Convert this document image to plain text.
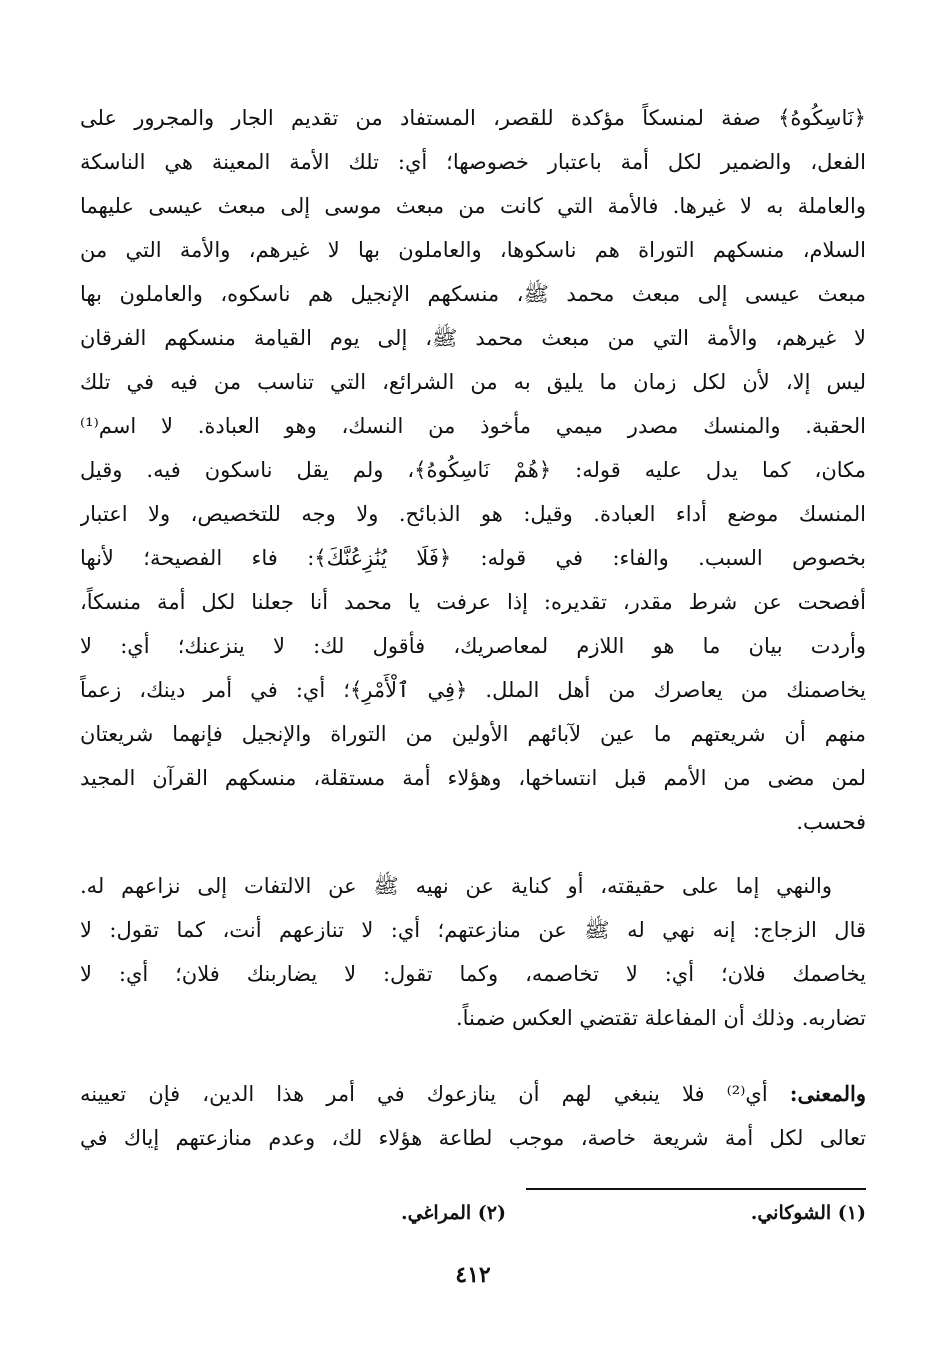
﴿نَاسِكُوهُ﴾ صفة لمنسكاً مؤكدة للقصر، المستفاد من تقديم الجار والمجرور على
الفعل، والضمير لكل أمة باعتبار خصوصها؛ أي: تلك الأمة المعينة هي الناسكة
والعاملة به لا غيرها. فالأمة التي كانت من مبعث موسى إلى مبعث عيسى عليهما
السلام، منسكهم التوراة هم ناسكوها، والعاملون بها لا غيرهم، والأمة التي من
مبعث عيسى إلى مبعث محمد ﷺ، منسكهم الإنجيل هم ناسكوه، والعاملون بها
لا غيرهم، والأمة التي من مبعث محمد ﷺ، إلى يوم القيامة منسكهم الفرقان
ليس إلا، لأن لكل زمان ما يليق به من الشرائع، التي تناسب من فيه في تلك
الحقبة. والمنسك مصدر ميمي مأخوذ من النسك، وهو العبادة. لا اسم⁽¹⁾
مكان، كما يدل عليه قوله: ﴿هُمْ نَاسِكُوهُ﴾، ولم يقل ناسكون فيه. وقيل
المنسك موضع أداء العبادة. وقيل: هو الذبائح. ولا وجه للتخصيص، ولا اعتبار
بخصوص السبب. والفاء: في قوله: ﴿فَلَا يُنَٰزِعُنَّكَ﴾: فاء الفصيحة؛ لأنها
أفصحت عن شرط مقدر، تقديره: إذا عرفت يا محمد أنا جعلنا لكل أمة منسكاً،
وأردت بيان ما هو اللازم لمعاصريك، فأقول لك: لا ينزعنك؛ أي: لا
يخاصمنك من يعاصرك من أهل الملل. ﴿فِي ٱلْأَمْرِ﴾؛ أي: في أمر دينك، زعماً
منهم أن شريعتهم ما عين لآبائهم الأولين من التوراة والإنجيل فإنهما شريعتان
لمن مضى من الأمم قبل انتساخها، وهؤلاء أمة مستقلة، منسكهم القرآن المجيد
فحسب.
والنهي إما على حقيقته، أو كناية عن نهيه ﷺ عن الالتفات إلى نزاعهم له.
قال الزجاج: إنه نهي له ﷺ عن منازعتهم؛ أي: لا تنازعهم أنت، كما تقول: لا
يخاصمك فلان؛ أي: لا تخاصمه، وكما تقول: لا يضاربنك فلان؛ أي: لا
تضاربه. وذلك أن المفاعلة تقتضي العكس ضمناً.
والمعنى: أي⁽²⁾ فلا ينبغي لهم أن ينازعوك في أمر هذا الدين، فإن تعيينه
تعالى لكل أمة شريعة خاصة، موجب لطاعة هؤلاء لك، وعدم منازعتهم إياك في
(١) الشوكاني.
(٢) المراغي.
٤١٢
